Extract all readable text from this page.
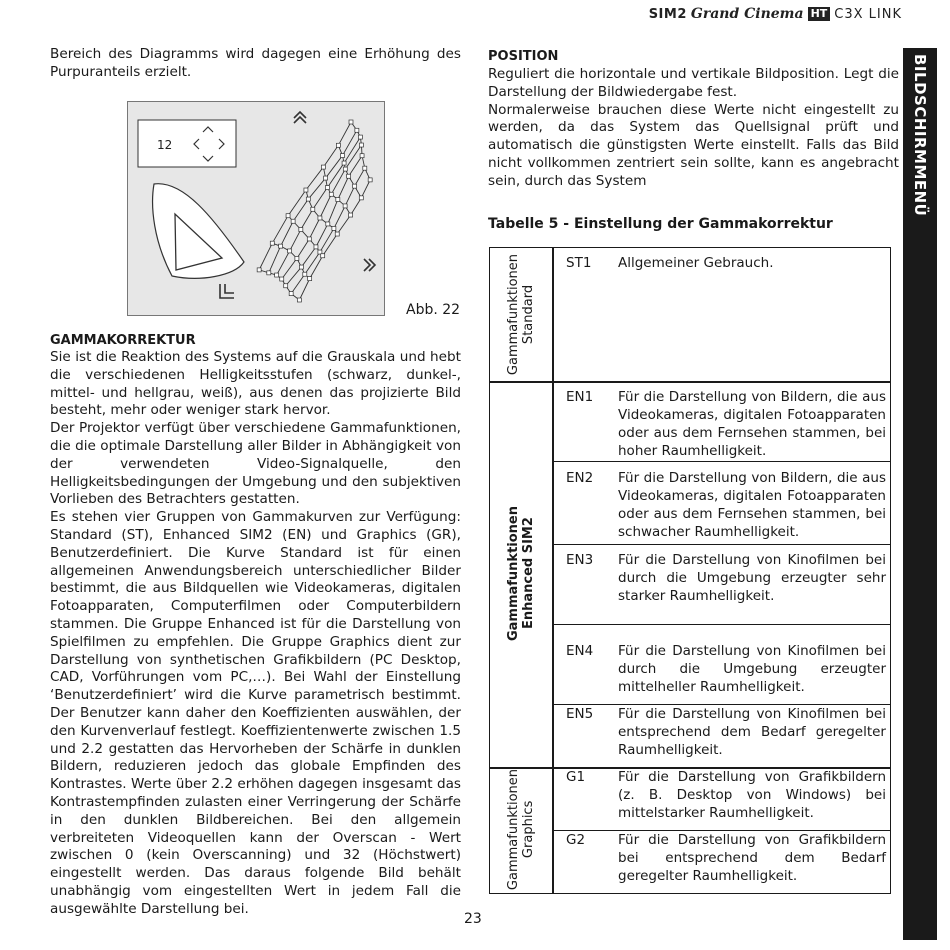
SIM2 Grand Cinema HT C3X LINK
BILDSCHIRMMENÜ

Bereich des Diagramms wird dagegen eine Erhöhung des Purpuranteils erzielt.

12
Abb. 22

GAMMAKORREKTUR

Sie ist die Reaktion des Systems auf die Grauskala und hebt die verschiedenen Helligkeitsstufen (schwarz, dunkel-, mittel- und hellgrau, weiß), aus denen das projizierte Bild besteht, mehr oder weniger stark hervor.
Der Projektor verfügt über verschiedene Gammafunktionen, die die optimale Darstellung aller Bilder in Abhängigkeit von der verwendeten Video-Signalquelle, den Helligkeitsbedingungen der Umgebung und den subjektiven Vorlieben des Betrachters gestatten.
Es stehen vier Gruppen von Gammakurven zur Verfügung: Standard (ST), Enhanced SIM2 (EN) und Graphics (GR), Benutzerdefiniert. Die Kurve Standard ist für einen allgemeinen Anwendungsbereich unterschiedlicher Bilder bestimmt, die aus Bildquellen wie Videokameras, digitalen Fotoapparaten, Computerfilmen oder Computerbildern stammen. Die Gruppe Enhanced ist für die Darstellung von Spielfilmen zu empfehlen. Die Gruppe Graphics dient zur Darstellung von synthetischen Grafikbildern (PC Desktop, CAD, Vorführungen vom PC,…). Bei Wahl der Einstellung ‘Benutzerdefiniert’ wird die Kurve parametrisch bestimmt. Der Benutzer kann daher den Koeffizienten auswählen, der den Kurvenverlauf festlegt. Koeffizientenwerte zwischen 1.5 und 2.2 gestatten das Hervorheben der Schärfe in dunklen Bildern, reduzieren jedoch das globale Empfinden des Kontrastes. Werte über 2.2 erhöhen dagegen insgesamt das Kontrastempfinden zulasten einer Verringerung der Schärfe in den dunklen Bildbereichen. Bei den allgemein verbreiteten Videoquellen kann der Overscan - Wert zwischen 0 (kein Overscanning) und 32 (Höchstwert) eingestellt werden. Das daraus folgende Bild behält unabhängig vom eingestellten Wert in jedem Fall die ausgewählte Darstellung bei.

POSITION

Reguliert die horizontale und vertikale Bildposition. Legt die Darstellung der Bildwiedergabe fest.
Normalerweise brauchen diese Werte nicht eingestellt zu werden, da das System das Quellsignal prüft und automatisch die günstigsten Werte einstellt. Falls das Bild nicht vollkommen zentriert sein sollte, kann es angebracht sein, durch das System

Tabelle 5 - Einstellung der Gammakorrektur

Gammafunktionen
Standard
Gammafunktionen
Enhanced SIM2
Gammafunktionen
Graphics
ST1 Allgemeiner Gebrauch.

EN1 Für die Darstellung von Bildern, die aus Videokameras, digitalen Fotoapparaten oder aus dem Fernsehen stammen, bei hoher Raumhelligkeit.

EN2 Für die Darstellung von Bildern, die aus Videokameras, digitalen Fotoapparaten oder aus dem Fernsehen stammen, bei schwacher Raumhelligkeit.

EN3 Für die Darstellung von Kinofilmen bei durch die Umgebung erzeugter sehr starker Raumhelligkeit.

EN4 Für die Darstellung von Kinofilmen bei durch die Umgebung erzeugter mittelheller Raumhelligkeit.

EN5 Für die Darstellung von Kinofilmen bei entsprechend dem Bedarf geregelter Raumhelligkeit.

G1 Für die Darstellung von Grafikbildern (z. B. Desktop von Windows) bei mittelstarker Raumhelligkeit.

G2 Für die Darstellung von Grafikbildern bei entsprechend dem Bedarf geregelter Raumhelligkeit.

23
